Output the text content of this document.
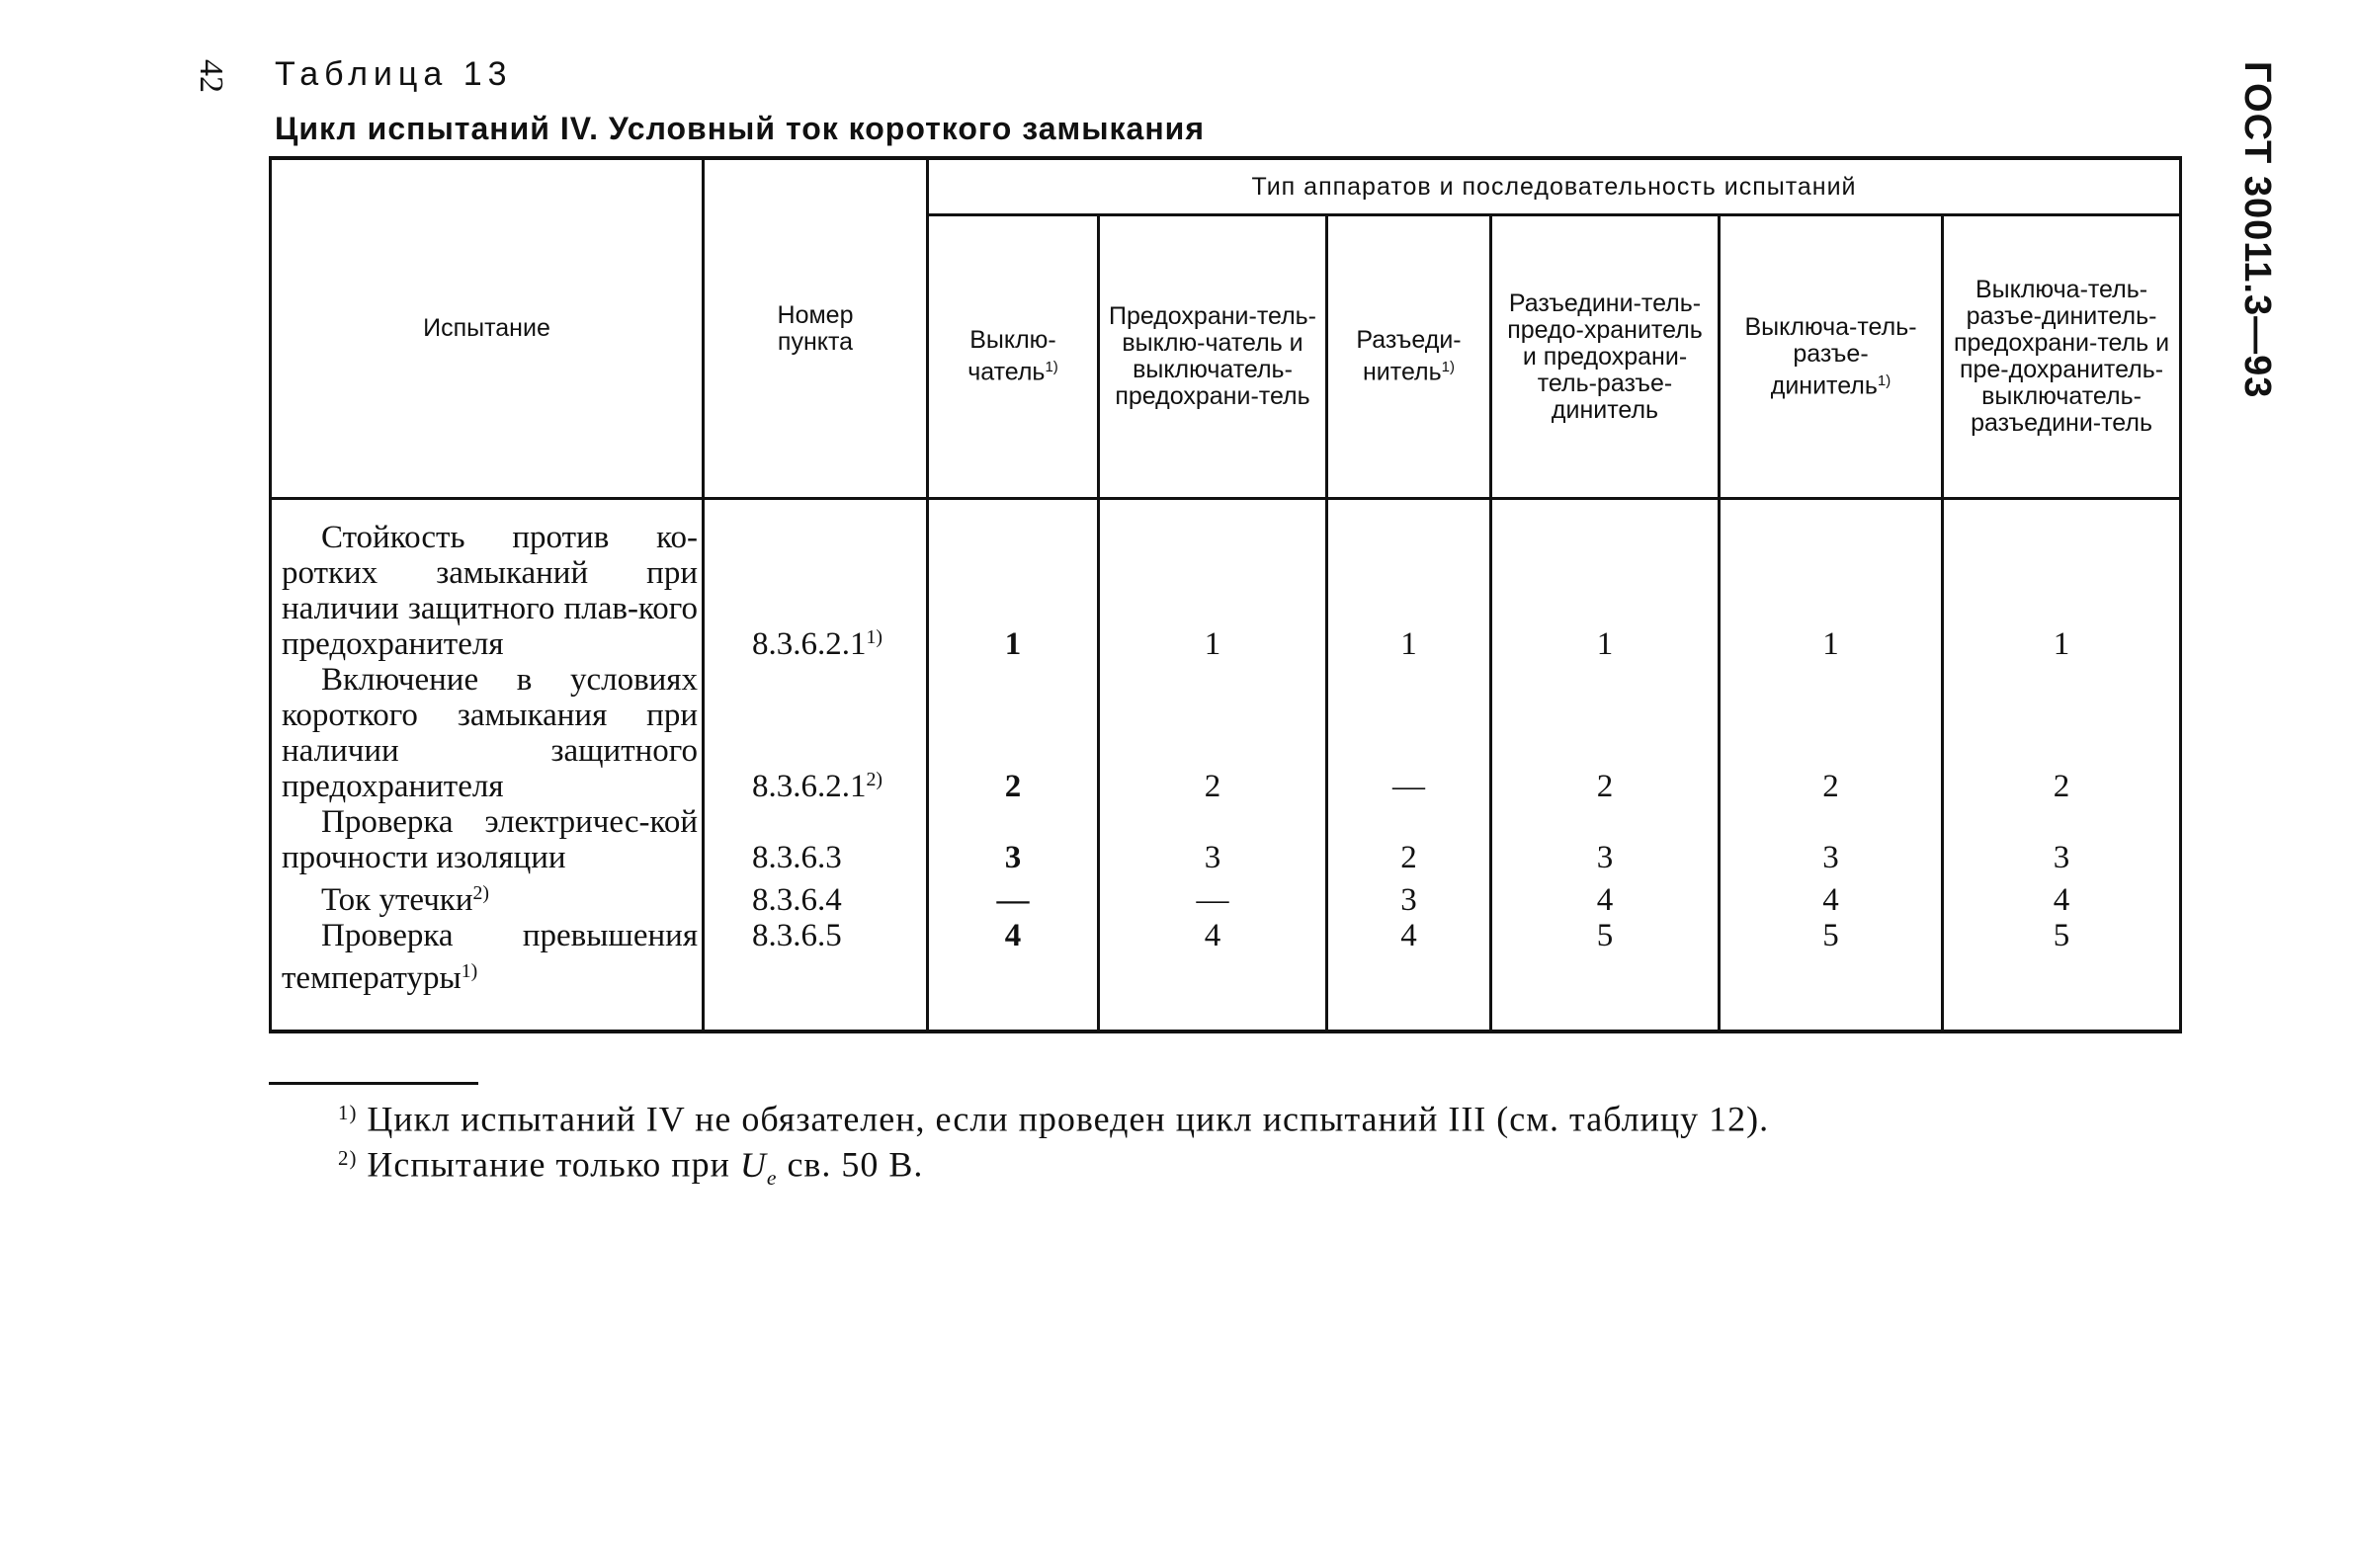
42	ГОСТ 30011.3—93
Таблица 13
Цикл испытаний IV. Условный ток короткого замыкания
Испытание	Номер пункта	Тип аппаратов и последовательность испытаний					
		Выклю-чатель$^{1)}$	Предохрани-тель-выклю-чатель и выключатель-предохрани-тель	Разъеди-нитель$^{1)}$	Разъедини-тель-предо-хранитель и предохрани-тель-разъе-динитель	Выключа-тель-разъе-динитель$^{1)}$	Выключа-тель-разъе-динитель-предохрани-тель и пре-дохранитель-выключатель-разъедини-тель

Стойкость против ко-ротких замыканий при наличии защитного плав-кого предохранителя	8.3.6.2.1$^{1)}$	1	1	1	1	1	1
Включение в условиях короткого замыкания при наличии защитного предохранителя	8.3.6.2.1$^{2)}$	2	2	—	2	2	2
Проверка электричес-кой прочности изоляции	8.3.6.3	3	3	2	3	3	3
Ток утечки$^{2)}$	8.3.6.4	—	—	3	4	4	4
Проверка превышения температуры$^{1)}$	8.3.6.5	4	4	4	5	5	5

$^{1)}$ Цикл испытаний IV не обязателен, если проведен цикл испытаний III (см. таблицу 12).
$^{2)}$ Испытание только при $U_e$ св. 50 В.
